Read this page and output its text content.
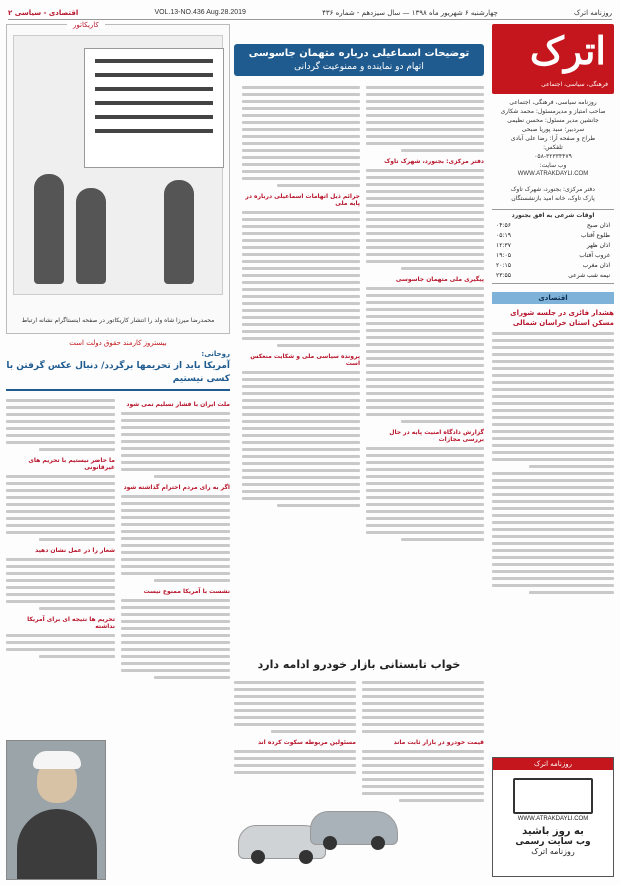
روزنامه اترک
چهارشنبه ۶ شهریور ماه ۱۳۹۸ — سال سیزدهم - شماره ۴۳۶
VOL.13-NO.436 Aug.28.2019
اقتصادی - سیاسی ۲
اترک
فرهنگی، سیاسی، اجتماعی
روزنامه سیاسی، فرهنگی، اجتماعی
صاحب امتیاز و مدیرمسئول: محمد شکاری
جانشین مدیر مسئول: محسن نظیمی
سردبیر: سید پوریا صبحی
طراح و صفحه آرا: رضا علی آبادی
تلفکس:
۰۵۸-۳۲۳۳۴۴۷۹
وب سایت:
WWW.ATRAKDAYLI.COM
دفتر مرکزی: بجنورد، شهرک تاوک
پارک تاوک، خانه امید بازنشستگان
اوقات شرعی به افق بجنورد
اذان صبح
۰۴:۵۶
طلوع آفتاب
۰۵:۱۹
اذان ظهر
۱۲:۳۷
غروب آفتاب
۱۹:۰۵
اذان مغرب
۲۰:۱۵
نیمه شب شرعی
۲۳:۵۵
اقتصادی
هشدار فائزی در جلسه شورای مسکن استان خراسان شمالی
روزنامه اترک
WWW.ATRAKDAYLI.COM
به روز باشید
وب سایت رسمی
روزنامه اترک
توضیحات اسماعیلی درباره متهمان جاسوسی
اتهام دو نماینده و ممنوعیت گردانی
دفتر مرکزی: بجنورد، شهرک تاوک
پیگیری ملی متهمان جاسوسی
گزارش دادگاه امنیت پایه در حال بررسی مجازات
جرائم ذیل اتهامات اسماعیلی درباره در پایه ملی
پرونده سیاسی ملی و شکایت منعکس است
کاریکاتور
محمدرضا میرزا شاه ولد را انتشار کاریکاتور در صفحه اینستاگرام نشانه ارتباط
بیستروز کارمند حقوق دولت است
روحانی:
آمریکا باید از تحریمها برگردد/ دنبال عکس گرفتن با کسی نیستیم
ملت ایران با فشار تسلیم نمی شود
اگر به رای مردم احترام گذاشته شود
نشست با آمریکا ممنوع نیست
ما حاضر نیستیم با تحریم های غیرقانونی
شعار را در عمل نشان دهید
تحریم ها نتیجه ای برای آمریکا نداشته
خواب تابستانی بازار خودرو ادامه دارد
قیمت خودرو در بازار ثابت ماند
مسئولین مربوطه سکوت کرده اند
